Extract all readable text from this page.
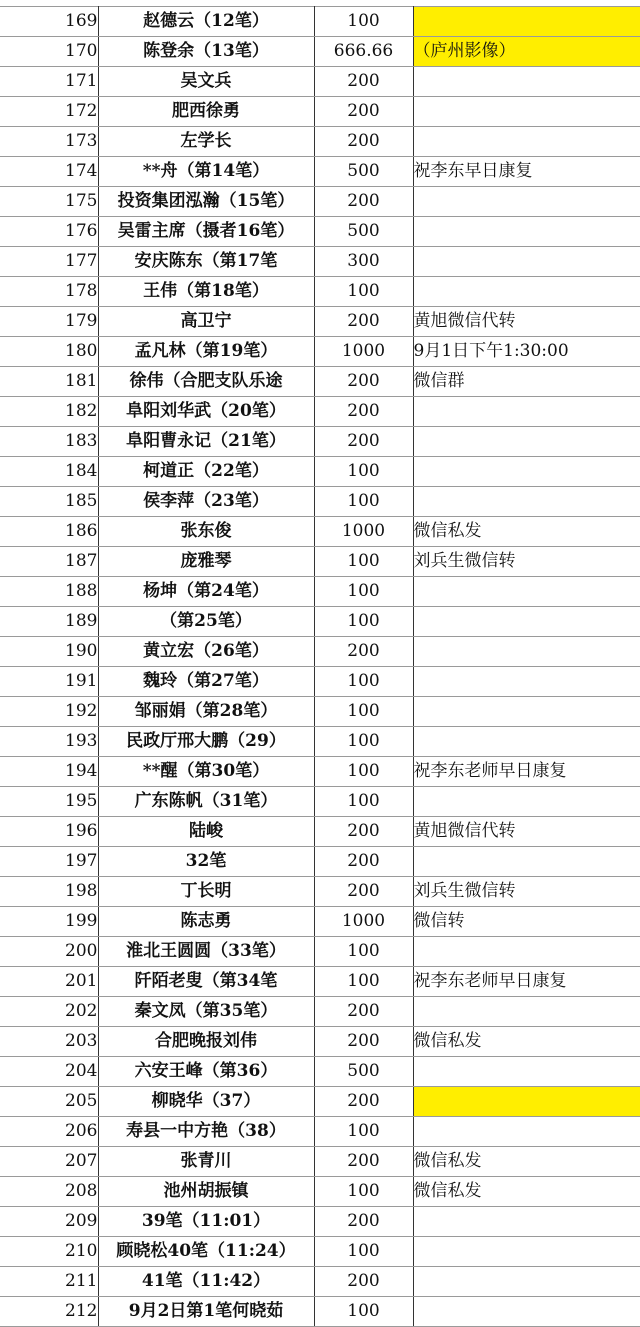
169	赵德云（12笔）	100	
170	陈登余（13笔）	666.66	（庐州影像）
171	吴文兵	200	
172	肥西徐勇	200	
173	左学长	200	
174	**舟（第14笔）	500	祝李东早日康复
175	投资集团泓瀚（15笔）	200	
176	吴雷主席（摄者16笔）	500	
177	安庆陈东（第17笔	300	
178	王伟（第18笔）	100	
179	高卫宁	200	黄旭微信代转
180	孟凡林（第19笔）	1000	9月1日下午1:30:00
181	徐伟（合肥支队乐途	200	微信群
182	阜阳刘华武（20笔）	200	
183	阜阳曹永记（21笔）	200	
184	柯道正（22笔）	100	
185	侯李萍（23笔）	100	
186	张东俊	1000	微信私发
187	庞雅琴	100	刘兵生微信转
188	杨坤（第24笔）	100	
189	（第25笔）	100	
190	黄立宏（26笔）	200	
191	魏玲（第27笔）	100	
192	邹丽娟（第28笔）	100	
193	民政厅邢大鹏（29）	100	
194	**醒（第30笔）	100	祝李东老师早日康复
195	广东陈帆（31笔）	100	
196	陆峻	200	黄旭微信代转
197	32笔	200	
198	丁长明	200	刘兵生微信转
199	陈志勇	1000	微信转
200	淮北王圆圆（33笔）	100	
201	阡陌老叟（第34笔	100	祝李东老师早日康复
202	秦文凤（第35笔）	200	
203	合肥晚报刘伟	200	微信私发
204	六安王峰（第36）	500	
205	柳晓华（37）	200	
206	寿县一中方艳（38）	100	
207	张青川	200	微信私发
208	池州胡振镇	100	微信私发
209	39笔（11:01）	200	
210	顾晓松40笔（11:24）	100	
211	41笔（11:42）	200	
212	9月2日第1笔何晓茹	100	
